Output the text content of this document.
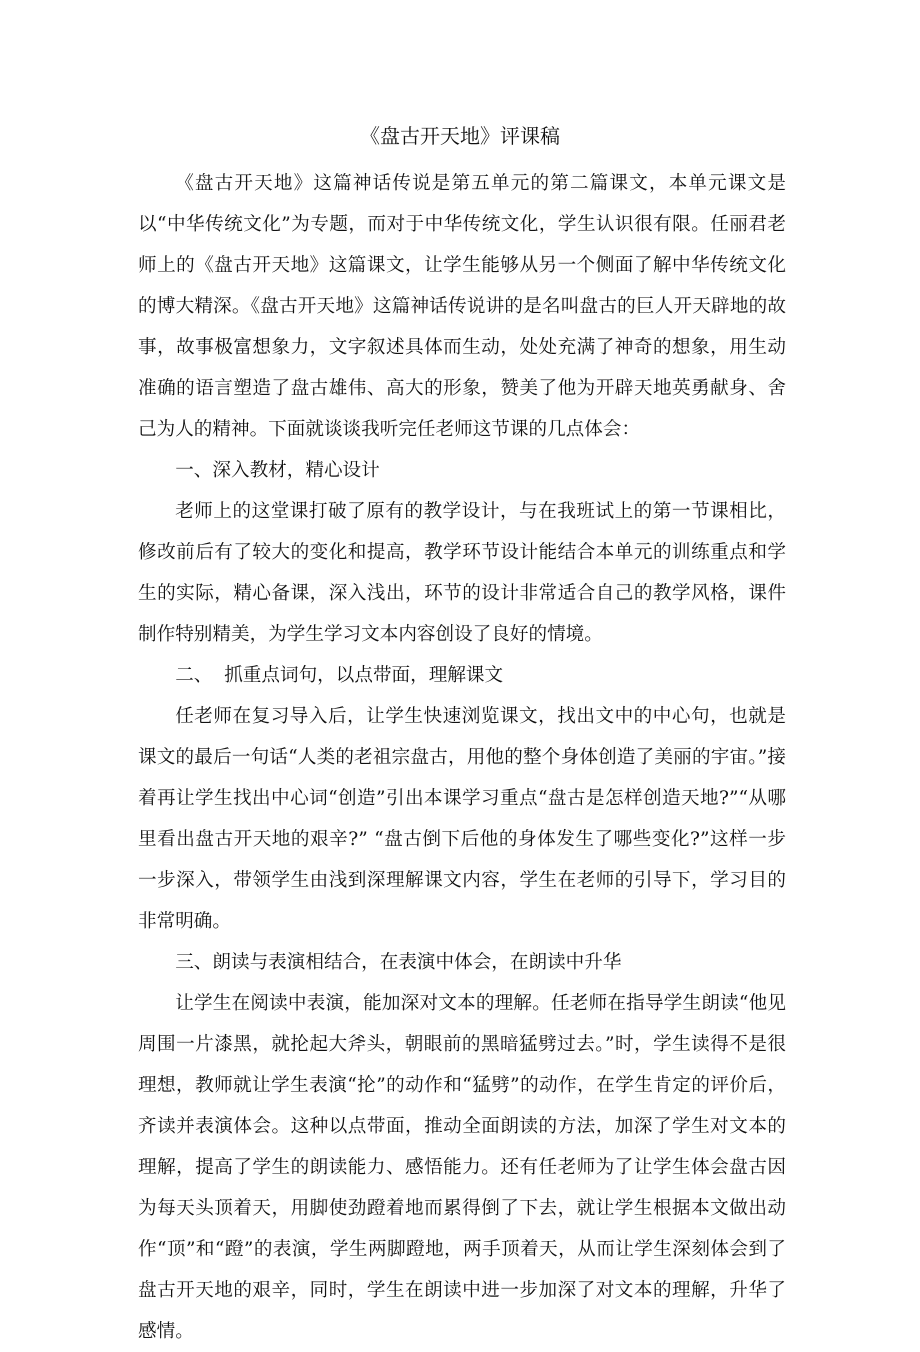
《盘古开天地》评课稿

《盘古开天地》这篇神话传说是第五单元的第二篇课文，本单元课文是以“中华传统文化”为专题，而对于中华传统文化，学生认识很有限。任丽君老师上的《盘古开天地》这篇课文，让学生能够从另一个侧面了解中华传统文化的博大精深。《盘古开天地》这篇神话传说讲的是名叫盘古的巨人开天辟地的故事，故事极富想象力，文字叙述具体而生动，处处充满了神奇的想象，用生动准确的语言塑造了盘古雄伟、高大的形象，赞美了他为开辟天地英勇献身、舍己为人的精神。下面就谈谈我听完任老师这节课的几点体会：

一、深入教材，精心设计

老师上的这堂课打破了原有的教学设计，与在我班试上的第一节课相比，修改前后有了较大的变化和提高，教学环节设计能结合本单元的训练重点和学生的实际，精心备课，深入浅出，环节的设计非常适合自己的教学风格，课件制作特别精美，为学生学习文本内容创设了良好的情境。

二、  抓重点词句，以点带面，理解课文

任老师在复习导入后，让学生快速浏览课文，找出文中的中心句，也就是课文的最后一句话“人类的老祖宗盘古，用他的整个身体创造了美丽的宇宙。”接着再让学生找出中心词“创造”引出本课学习重点“盘古是怎样创造天地?”“从哪里看出盘古开天地的艰辛?” “盘古倒下后他的身体发生了哪些变化?”这样一步一步深入，带领学生由浅到深理解课文内容，学生在老师的引导下，学习目的非常明确。

三、朗读与表演相结合，在表演中体会，在朗读中升华

让学生在阅读中表演，能加深对文本的理解。任老师在指导学生朗读“他见周围一片漆黑，就抡起大斧头，朝眼前的黑暗猛劈过去。”时，学生读得不是很理想，教师就让学生表演“抡”的动作和“猛劈”的动作，在学生肯定的评价后，齐读并表演体会。这种以点带面，推动全面朗读的方法，加深了学生对文本的理解，提高了学生的朗读能力、感悟能力。还有任老师为了让学生体会盘古因为每天头顶着天，用脚使劲蹬着地而累得倒了下去，就让学生根据本文做出动作“顶”和“蹬”的表演，学生两脚蹬地，两手顶着天，从而让学生深刻体会到了盘古开天地的艰辛，同时，学生在朗读中进一步加深了对文本的理解，升华了感情。
